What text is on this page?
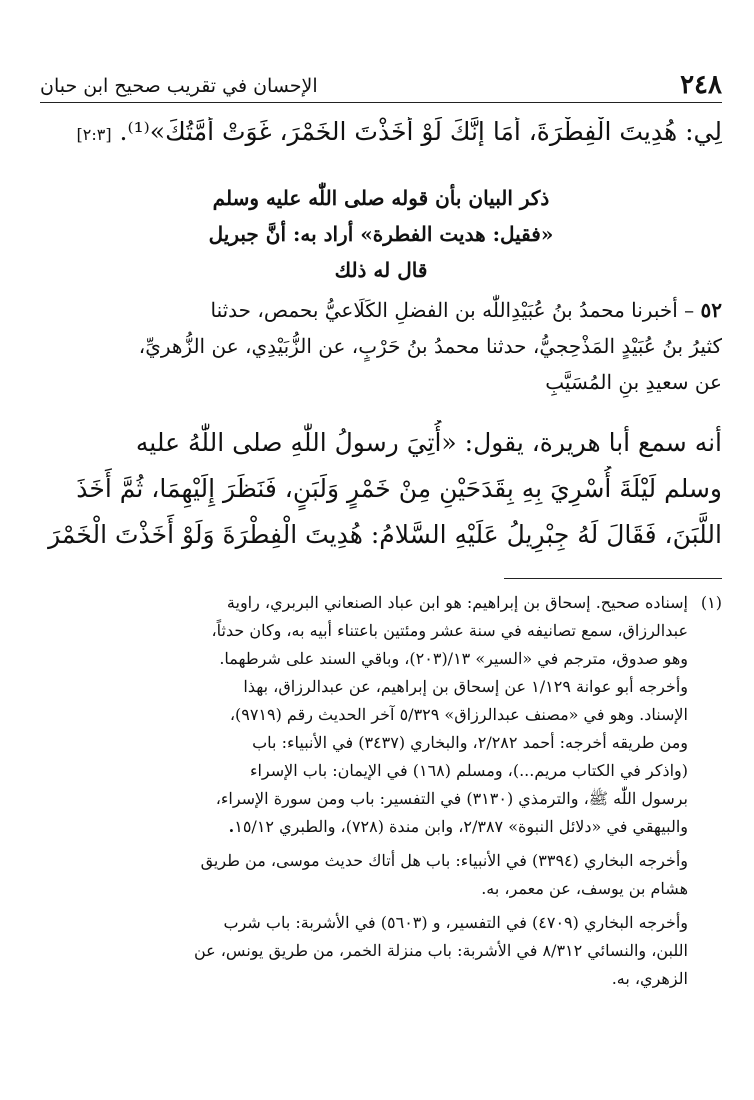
٢٤٨
الإحسان في تقريب صحيح ابن حبان
لِي: هُدِيتَ الْفِطْرَةَ، أَمَا إِنَّكَ لَوْ أَخَذْتَ الخَمْرَ، غَوَتْ أُمَّتُكَ»⁽¹⁾. [٢:٣]
ذكر البيان بأن قوله صلى اللّٰه عليه وسلم
«فقيل: هديت الفطرة» أراد به: أنَّ جبريل
قال له ذلك
٥٢ – أخبرنا محمدُ بنُ عُبَيْدِاللّٰه بن الفضلِ الكَلَاعيُّ بحمص، حدثنا
كثيرُ بنُ عُبَيْدٍ المَذْحِجيُّ، حدثنا محمدُ بنُ حَرْبٍ، عن الزُّبَيْدِي، عن الزُّهريِّ،
عن سعيدِ بنِ المُسَيَّبِ
أنه سمع أبا هريرة، يقول: «أُتِيَ رسولُ اللّٰهِ صلى اللّٰهُ عليه
وسلم لَيْلَةَ أُسْرِيَ بِهِ بِقَدَحَيْنِ مِنْ خَمْرٍ وَلَبَنٍ، فَنَظَرَ إِلَيْهِمَا، ثُمَّ أَخَذَ
اللَّبَنَ، فَقَالَ لَهُ جِبْرِيلُ عَلَيْهِ السَّلامُ: هُدِيتَ الْفِطْرَةَ وَلَوْ أَخَذْتَ الْخَمْرَ
(١)
إسناده صحيح. إسحاق بن إبراهيم: هو ابن عباد الصنعاني البربري، راوية
عبدالرزاق، سمع تصانيفه في سنة عشر ومئتين باعتناء أبيه به، وكان حدثاً،
وهو صدوق، مترجم في «السير» ١٣/(٢٠٣)، وباقي السند على شرطهما.
وأخرجه أبو عوانة ١/١٢٩ عن إسحاق بن إبراهيم، عن عبدالرزاق، بهذا
الإسناد. وهو في «مصنف عبدالرزاق» ٥/٣٢٩ آخر الحديث رقم (٩٧١٩)،
ومن طريقه أخرجه: أحمد ٢/٢٨٢، والبخاري (٣٤٣٧) في الأنبياء: باب
(واذكر في الكتاب مريم...)، ومسلم (١٦٨) في الإيمان: باب الإسراء
برسول اللّٰه ﷺ، والترمذي (٣١٣٠) في التفسير: باب ومن سورة الإسراء،
والبيهقي في «دلائل النبوة» ٢/٣٨٧، وابن مندة (٧٢٨)، والطبري ١٥/١٢.
وأخرجه البخاري (٣٣٩٤) في الأنبياء: باب هل أتاك حديث موسى، من طريق
هشام بن يوسف، عن معمر، به.
وأخرجه البخاري (٤٧٠٩) في التفسير، و (٥٦٠٣) في الأشربة: باب شرب
اللبن، والنسائي ٨/٣١٢ في الأشربة: باب منزلة الخمر، من طريق يونس، عن
الزهري، به.
